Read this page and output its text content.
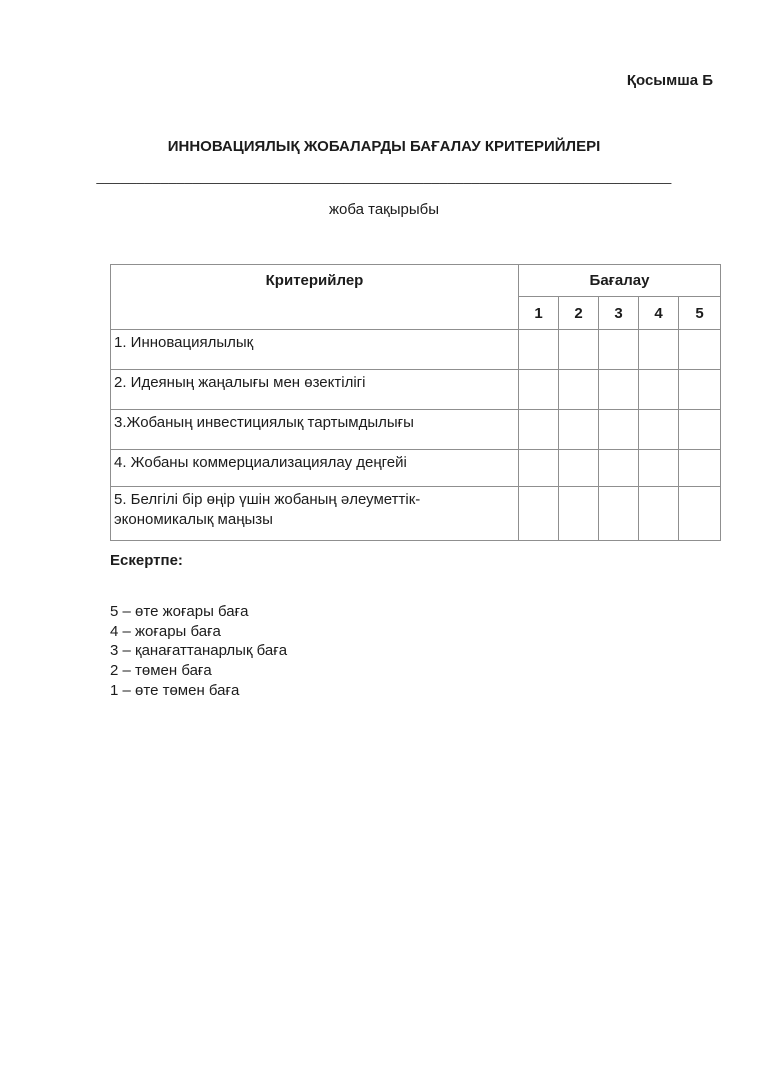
Қосымша Б
ИННОВАЦИЯЛЫҚ ЖОБАЛАРДЫ БАҒАЛАУ КРИТЕРИЙЛЕРІ
________________________________________________________________________
жоба тақырыбы
Критерийлер	Бағалау				
	1	2	3	4	5
1. Инновациялылық					
2. Идеяның жаңалығы мен өзектілігі					
3.Жобаның инвестициялық тартымдылығы					
4. Жобаны коммерциализациялау деңгейі					
5. Белгілі бір өңір үшін жобаның әлеуметтік-экономикалық маңызы					
Ескертпе:
5 – өте жоғары баға
4 – жоғары баға
3 – қанағаттанарлық баға
2 – төмен баға
1 – өте төмен баға
